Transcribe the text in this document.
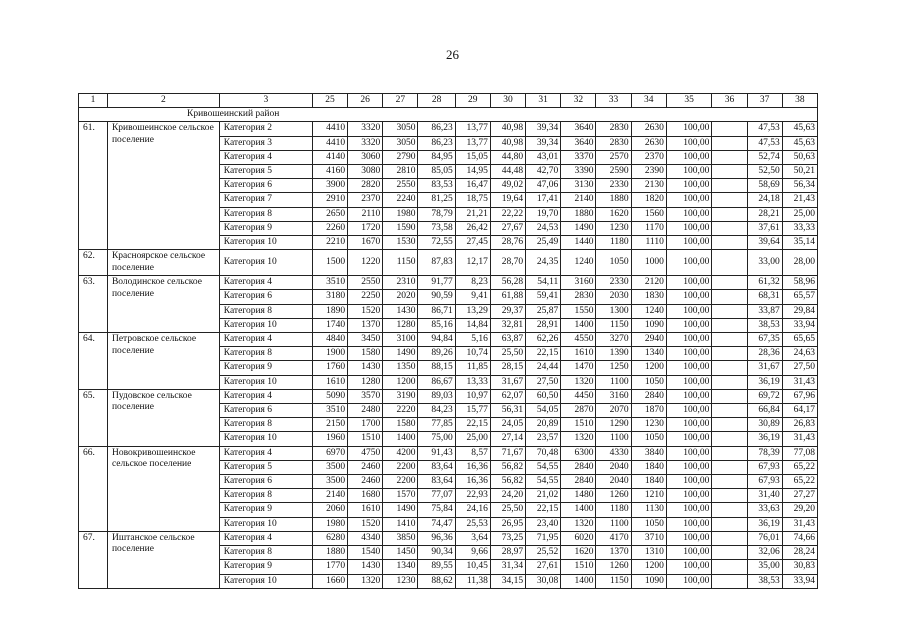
26
1	2	3	25	26	27	28	29	30	31	32	33	34	35	36	37	38
Кривошеинский район																
61.	Кривошеинское сельское поселение	Категория 2	4410	3320	3050	86,23	13,77	40,98	39,34	3640	2830	2630	100,00		47,53	45,63
		Категория 3	4410	3320	3050	86,23	13,77	40,98	39,34	3640	2830	2630	100,00		47,53	45,63
		Категория 4	4140	3060	2790	84,95	15,05	44,80	43,01	3370	2570	2370	100,00		52,74	50,63
		Категория 5	4160	3080	2810	85,05	14,95	44,48	42,70	3390	2590	2390	100,00		52,50	50,21
		Категория 6	3900	2820	2550	83,53	16,47	49,02	47,06	3130	2330	2130	100,00		58,69	56,34
		Категория 7	2910	2370	2240	81,25	18,75	19,64	17,41	2140	1880	1820	100,00		24,18	21,43
		Категория 8	2650	2110	1980	78,79	21,21	22,22	19,70	1880	1620	1560	100,00		28,21	25,00
		Категория 9	2260	1720	1590	73,58	26,42	27,67	24,53	1490	1230	1170	100,00		37,61	33,33
		Категория 10	2210	1670	1530	72,55	27,45	28,76	25,49	1440	1180	1110	100,00		39,64	35,14
62.	Красноярское сельское поселение	Категория 10	1500	1220	1150	87,83	12,17	28,70	24,35	1240	1050	1000	100,00		33,00	28,00
63.	Володинское сельское поселение	Категория 4	3510	2550	2310	91,77	8,23	56,28	54,11	3160	2330	2120	100,00		61,32	58,96
		Категория 6	3180	2250	2020	90,59	9,41	61,88	59,41	2830	2030	1830	100,00		68,31	65,57
		Категория 8	1890	1520	1430	86,71	13,29	29,37	25,87	1550	1300	1240	100,00		33,87	29,84
		Категория 10	1740	1370	1280	85,16	14,84	32,81	28,91	1400	1150	1090	100,00		38,53	33,94
64.	Петровское сельское поселение	Категория 4	4840	3450	3100	94,84	5,16	63,87	62,26	4550	3270	2940	100,00		67,35	65,65
		Категория 8	1900	1580	1490	89,26	10,74	25,50	22,15	1610	1390	1340	100,00		28,36	24,63
		Категория 9	1760	1430	1350	88,15	11,85	28,15	24,44	1470	1250	1200	100,00		31,67	27,50
		Категория 10	1610	1280	1200	86,67	13,33	31,67	27,50	1320	1100	1050	100,00		36,19	31,43
65.	Пудовское сельское поселение	Категория 4	5090	3570	3190	89,03	10,97	62,07	60,50	4450	3160	2840	100,00		69,72	67,96
		Категория 6	3510	2480	2220	84,23	15,77	56,31	54,05	2870	2070	1870	100,00		66,84	64,17
		Категория 8	2150	1700	1580	77,85	22,15	24,05	20,89	1510	1290	1230	100,00		30,89	26,83
		Категория 10	1960	1510	1400	75,00	25,00	27,14	23,57	1320	1100	1050	100,00		36,19	31,43
66.	Новокривошеинское сельское поселение	Категория 4	6970	4750	4200	91,43	8,57	71,67	70,48	6300	4330	3840	100,00		78,39	77,08
		Категория 5	3500	2460	2200	83,64	16,36	56,82	54,55	2840	2040	1840	100,00		67,93	65,22
		Категория 6	3500	2460	2200	83,64	16,36	56,82	54,55	2840	2040	1840	100,00		67,93	65,22
		Категория 8	2140	1680	1570	77,07	22,93	24,20	21,02	1480	1260	1210	100,00		31,40	27,27
		Категория 9	2060	1610	1490	75,84	24,16	25,50	22,15	1400	1180	1130	100,00		33,63	29,20
		Категория 10	1980	1520	1410	74,47	25,53	26,95	23,40	1320	1100	1050	100,00		36,19	31,43
67.	Иштанское сельское поселение	Категория 4	6280	4340	3850	96,36	3,64	73,25	71,95	6020	4170	3710	100,00		76,01	74,66
		Категория 8	1880	1540	1450	90,34	9,66	28,97	25,52	1620	1370	1310	100,00		32,06	28,24
		Категория 9	1770	1430	1340	89,55	10,45	31,34	27,61	1510	1260	1200	100,00		35,00	30,83
		Категория 10	1660	1320	1230	88,62	11,38	34,15	30,08	1400	1150	1090	100,00		38,53	33,94
